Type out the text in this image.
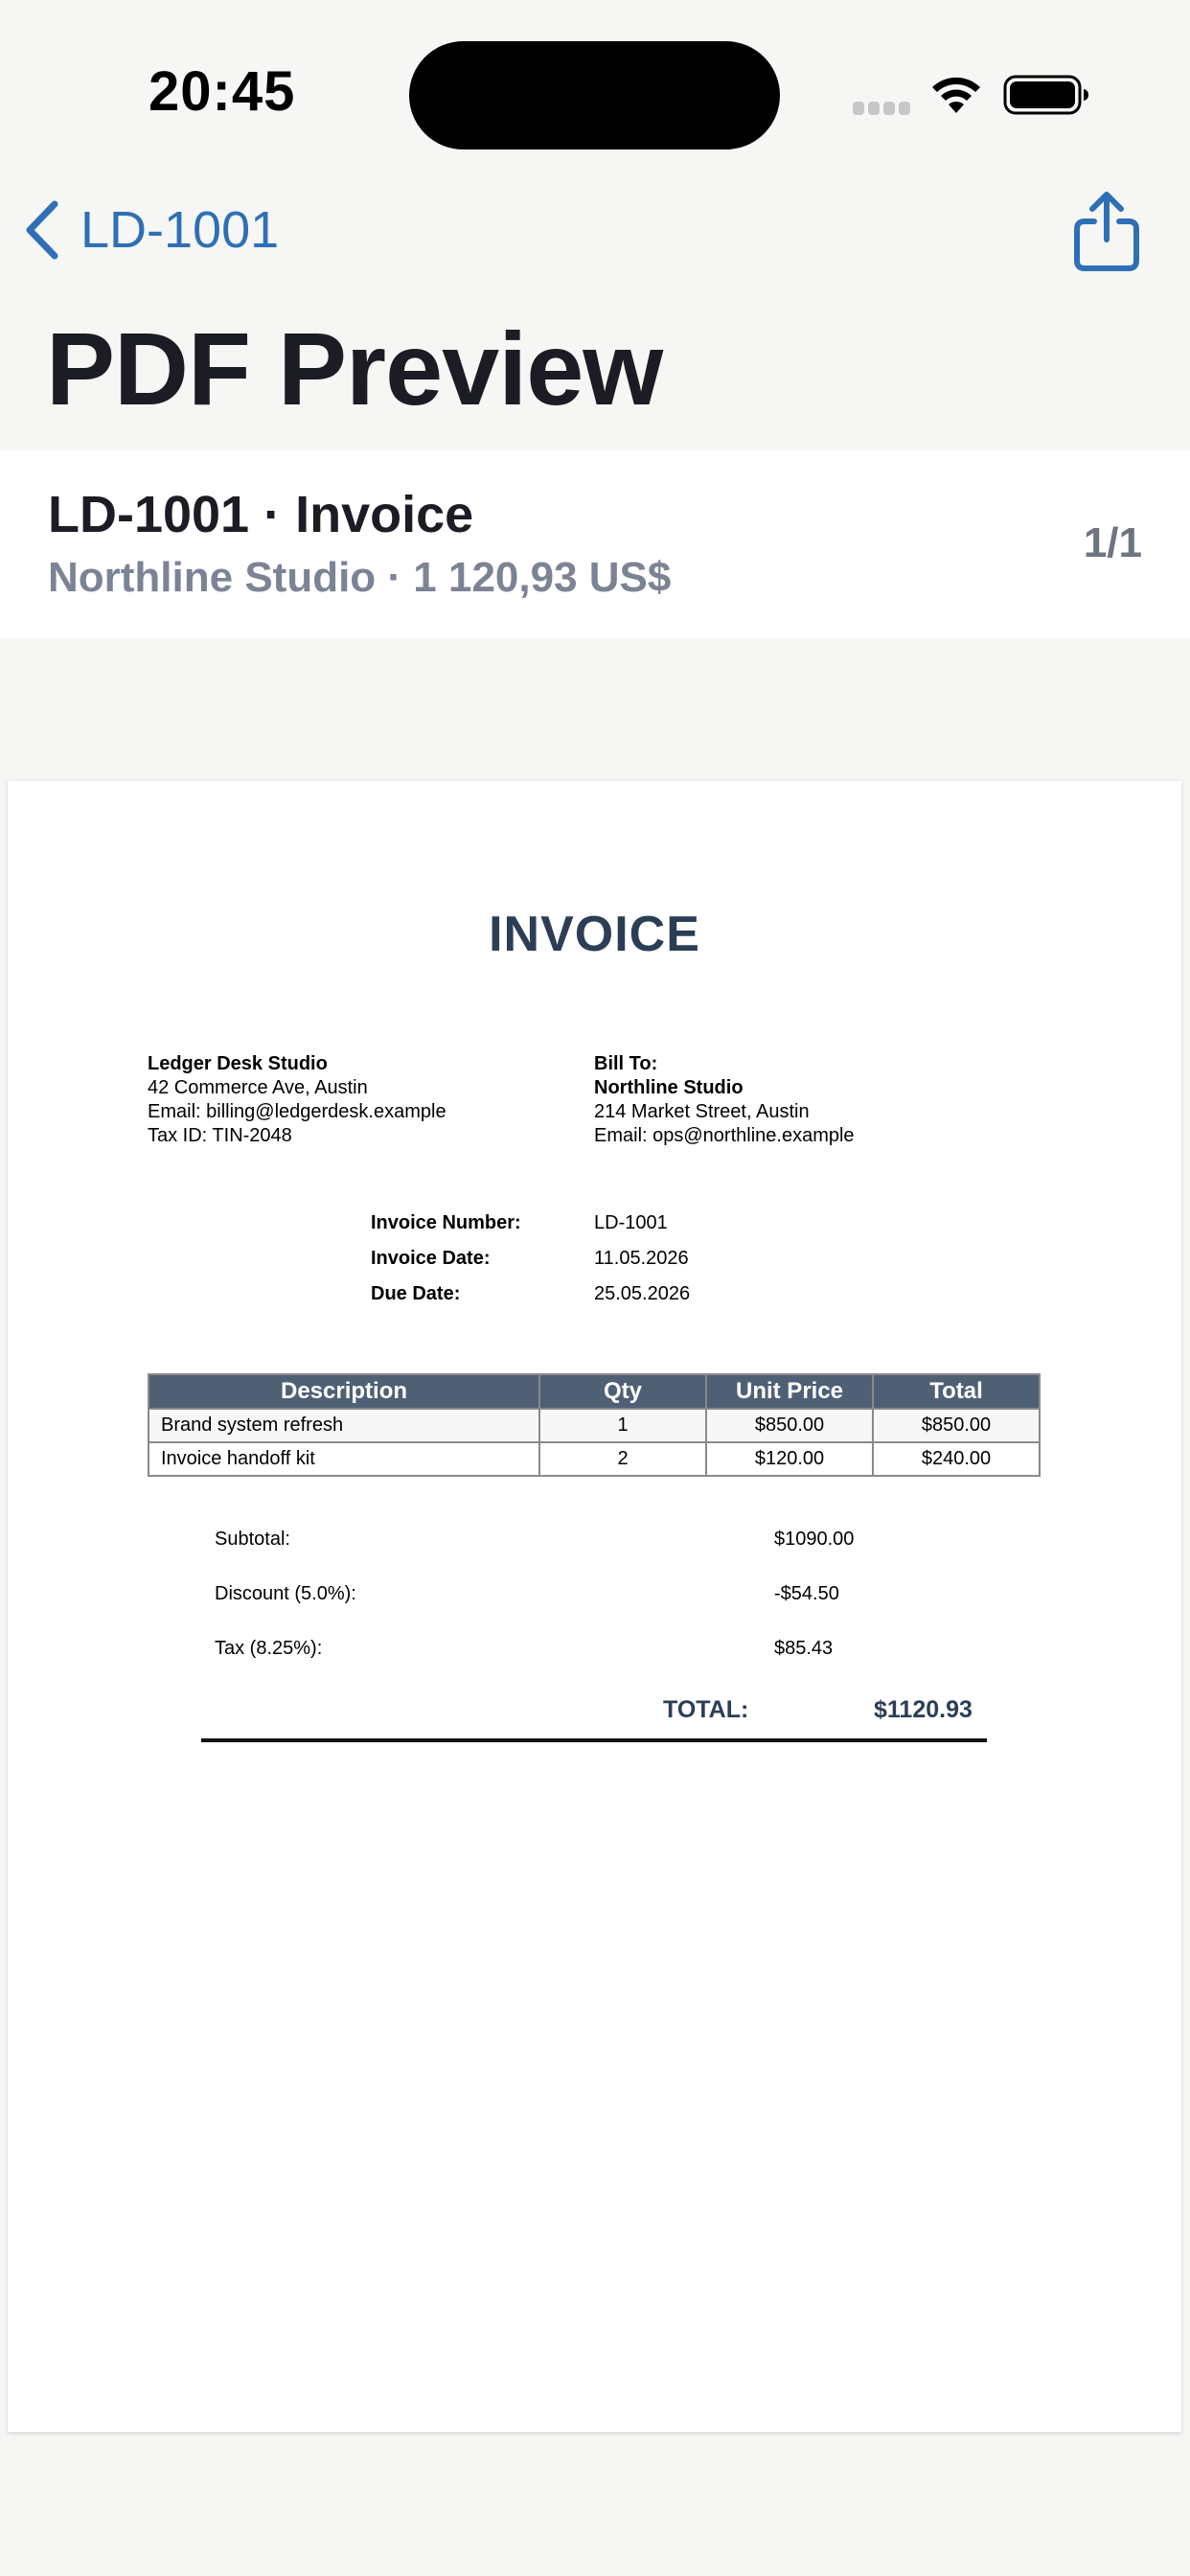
20:45
LD-1001
PDF Preview
LD-1001 · Invoice
Northline Studio · 1 120,93 US$
1/1
INVOICE
Ledger Desk Studio
42 Commerce Ave, Austin
Email: billing@ledgerdesk.example
Tax ID: TIN-2048
Bill To:
Northline Studio
214 Market Street, Austin
Email: ops@northline.example
Invoice Number:	LD-1001
Invoice Date:	11.05.2026
Due Date:	25.05.2026
Description	Qty	Unit Price	Total
Brand system refresh	1	$850.00	$850.00
Invoice handoff kit	2	$120.00	$240.00
Subtotal:	$1090.00
Discount (5.0%):	-$54.50
Tax (8.25%):	$85.43
TOTAL:	$1120.93
